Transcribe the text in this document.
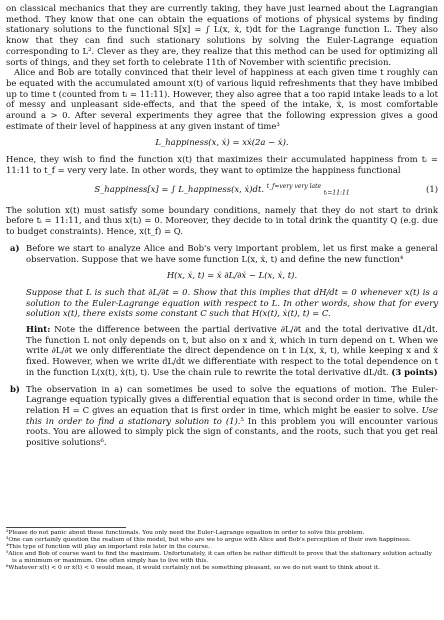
on classical mechanics that they are currently taking, they have just learned about the Lagrangian method. They know that one can obtain the equations of motions of physical systems by finding stationary solutions to the functional S[x] = ∫ L(x, ẋ, t)dt for the Lagrange function L. They also know that they can find such stationary solutions by solving the Euler-Lagrange equation corresponding to L². Clever as they are, they realize that this method can be used for optimizing all sorts of things, and they set forth to celebrate 11th of November with scientific precision.

Alice and Bob are totally convinced that their level of happiness at each given time t roughly can be equated with the accumulated amount x(t) of various liquid refreshments that they have imbibed up to time t (counted from tᵢ = 11:11). However, they also agree that a too rapid intake leads to a lot of messy and unpleasant side-effects, and that the speed of the intake, ẋ, is most comfortable around a > 0. After several experiments they agree that the following expression gives a good estimate of their level of happiness at any given instant of time³

L_happiness(x, ẋ) = xẋ(2a − ẋ).

Hence, they wish to find the function x(t) that maximizes their accumulated happiness from tᵢ = 11:11 to t_f = very very late. In other words, they want to optimize the happiness functional

S_happiness[x] = ∫ L_happiness(x, ẋ)dt. $^{t\_f=very very late}$ $_{tᵢ=11:11}$	(1)

The solution x(t) must satisfy some boundary conditions, namely that they do not start to drink before tᵢ = 11:11, and thus x(tᵢ) = 0. Moreover, they decide to in total drink the quantity Q (e.g. due to budget constraints). Hence, x(t_f) = Q.

a) Before we start to analyze Alice and Bob's very important problem, let us first make a general observation. Suppose that we have some function L(x, ẋ, t) and define the new function⁴

H(x, ẋ, t) = ẋ ∂L/∂ẋ − L(x, ẋ, t).

Suppose that L is such that ∂L/∂t = 0. Show that this implies that dH/dt = 0 whenever x(t) is a solution to the Euler-Lagrange equation with respect to L. In other words, show that for every solution x(t), there exists some constant C such that H(x(t), ẋ(t), t) = C.

Hint: Note the difference between the partial derivative ∂L/∂t and the total derivative dL/dt. The function L not only depends on t, but also on x and ẋ, which in turn depend on t. When we write ∂L/∂t we only differentiate the direct dependence on t in L(x, ẋ, t), while keeping x and ẋ fixed. However, when we write dL/dt we differentiate with respect to the total dependence on t in the function L(x(t), ẋ(t), t). Use the chain rule to rewrite the total derivative dL/dt. (3 points)

b) The observation in a) can sometimes be used to solve the equations of motion. The Euler-Lagrange equation typically gives a differential equation that is second order in time, while the relation H = C gives an equation that is first order in time, which might be easier to solve. Use this in order to find a stationary solution to (1).⁵ In this problem you will encounter various roots. You are allowed to simply pick the sign of constants, and the roots, such that you get real positive solutions⁶.

²Please do not panic about these functionals. You only need the Euler-Lagrange equation in order to solve this problem.
³One can certainly question the realism of this model, but who are we to argue with Alice and Bob's perception of their own happiness.
⁴This type of function will play an important role later in the course.
⁵Alice and Bob of course want to find the maximum. Unfortunately, it can often be rather difficult to prove that the stationary solution actually is a minimum or maximum. One often simply has to live with this.
⁶Whatever x(t) < 0 or ẋ(t) < 0 would mean, it would certainly not be something pleasant, so we do not want to think about it.
